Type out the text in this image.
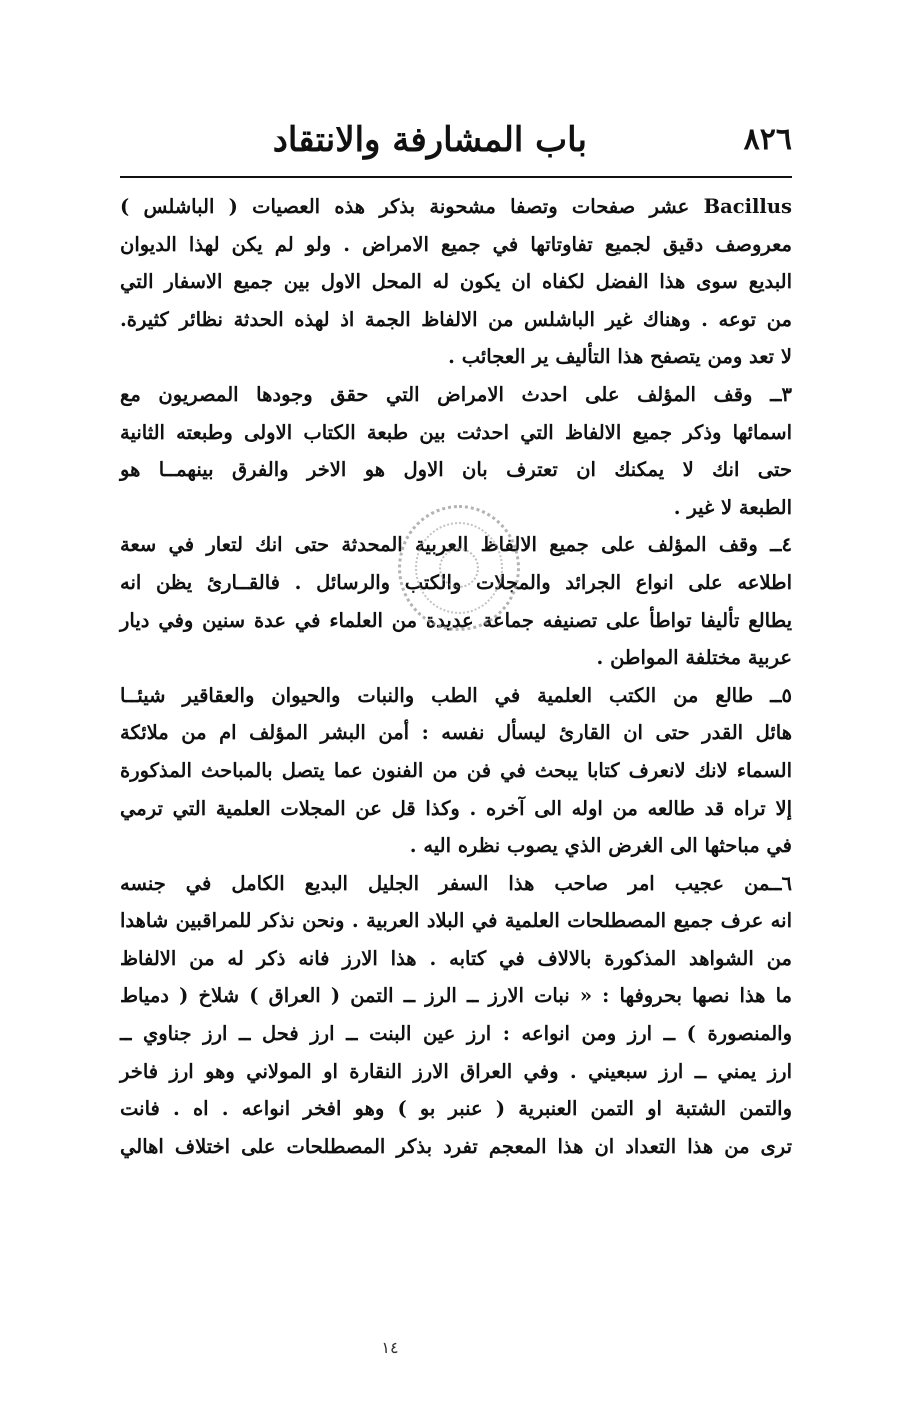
٨٢٦
باب المشارفة والانتقاد

Bacillus عشر صفحات وتصفا مشحونة بذكر هذه العصيات ( الباشلس )

معروصف دقيق لجميع تفاوتاتها في جميع الامراض . ولو لم يكن لهذا الديوان

البديع سوى هذا الفضل لكفاه ان يكون له المحل الاول بين جميع الاسفار التي

من توعه . وهناك غير الباشلس من الالفاظ الجمة اذ لهذه الحدثة نظائر كثيرة.

لا تعد ومن يتصفح هذا التأليف ير العجائب .

٣ــ وقف المؤلف على احدث الامراض التي حقق وجودها المصريون مع

اسمائها وذكر جميع الالفاظ التي احدثت بين طبعة الكتاب الاولى وطبعته الثانية

حتى انك لا يمكنك ان تعترف بان الاول هو الاخر والفرق بينهمــا هو

الطبعة لا غير .

٤ــ وقف المؤلف على جميع الالفاظ العربية المحدثة حتى انك لتعار في سعة

اطلاعه على انواع الجرائد والمجلات والكتب والرسائل . فالقــارئ يظن انه

يطالع تأليفا تواطأ على تصنيفه جماعة عديدة من العلماء في عدة سنين وفي ديار

عربية مختلفة المواطن .

٥ــ طالع من الكتب العلمية في الطب والنبات والحيوان والعقاقير شيئــا

هائل القدر حتى ان القارئ ليسأل نفسه : أمن البشر المؤلف ام من ملائكة

السماء لانك لانعرف كتابا يبحث في فن من الفنون عما يتصل بالمباحث المذكورة

إلا تراه قد طالعه من اوله الى آخره . وكذا قل عن المجلات العلمية التي ترمي

في مباحثها الى الغرض الذي يصوب نظره اليه .

٦ــمن عجيب امر صاحب هذا السفر الجليل البديع الكامل في جنسه

انه عرف جميع المصطلحات العلمية في البلاد العربية . ونحن نذكر للمراقبين شاهدا

من الشواهد المذكورة بالالاف في كتابه . هذا الارز فانه ذكر له من الالفاظ

ما هذا نصها بحروفها : « نبات الارز ــ الرز ــ التمن ( العراق ) شلاخ ( دمياط

والمنصورة ) ــ ارز ومن انواعه : ارز عين البنت ــ ارز فحل ــ ارز جناوي ــ

ارز يمني ــ ارز سبعيني . وفي العراق الارز النقارة او المولاني وهو ارز فاخر

والتمن الشتبة او التمن العنبرية ( عنبر بو ) وهو افخر انواعه . اه . فانت

ترى من هذا التعداد ان هذا المعجم تفرد بذكر المصطلحات على اختلاف اهالي

١٤
